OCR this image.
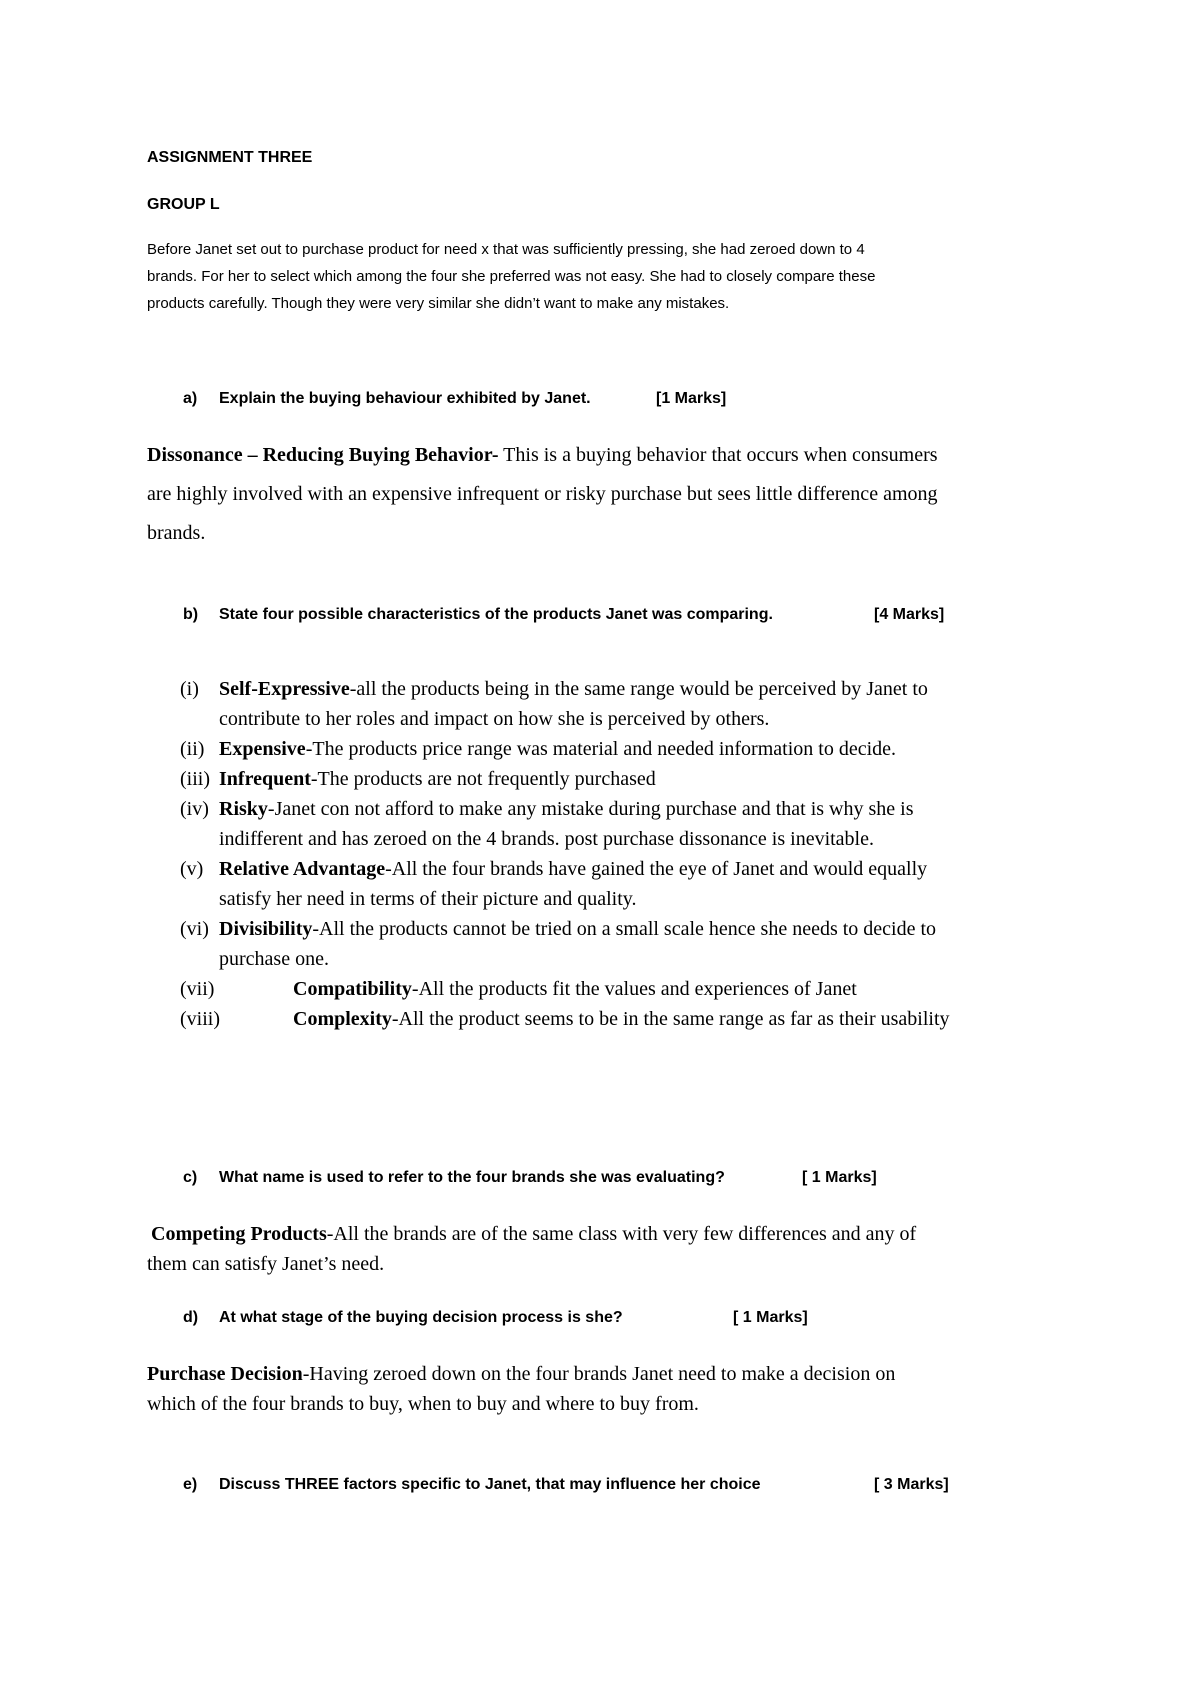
ASSIGNMENT THREE
GROUP L
Before Janet set out to purchase product for need x that was sufficiently pressing, she had zeroed down to 4
brands. For her to select which among the four she preferred was not easy. She had to closely compare these
products carefully. Though they were very similar she didn’t want to make any mistakes.
a) Explain the buying behaviour exhibited by Janet.	[1 Marks]
Dissonance – Reducing Buying Behavior- This is a buying behavior that occurs when consumers
are highly involved with an expensive infrequent or risky purchase but sees little difference among
brands.
b) State four possible characteristics of the products Janet was comparing.	[4 Marks]
(i) Self-Expressive-all the products being in the same range would be perceived by Janet to
contribute to her roles and impact on how she is perceived by others.
(ii) Expensive-The products price range was material and needed information to decide.
(iii) Infrequent-The products are not frequently purchased
(iv) Risky-Janet con not afford to make any mistake during purchase and that is why she is
indifferent and has zeroed on the 4 brands. post purchase dissonance is inevitable.
(v) Relative Advantage-All the four brands have gained the eye of Janet and would equally
satisfy her need in terms of their picture and quality.
(vi) Divisibility-All the products cannot be tried on a small scale hence she needs to decide to
purchase one.
(vii)	Compatibility-All the products fit the values and experiences of Janet
(viii)	Complexity-All the product seems to be in the same range as far as their usability
c) What name is used to refer to the four brands she was evaluating?	[ 1 Marks]
Competing Products-All the brands are of the same class with very few differences and any of
them can satisfy Janet’s need.
d) At what stage of the buying decision process is she?	[ 1 Marks]
Purchase Decision-Having zeroed down on the four brands Janet need to make a decision on
which of the four brands to buy, when to buy and where to buy from.
e) Discuss THREE factors specific to Janet, that may influence her choice	[ 3 Marks]
